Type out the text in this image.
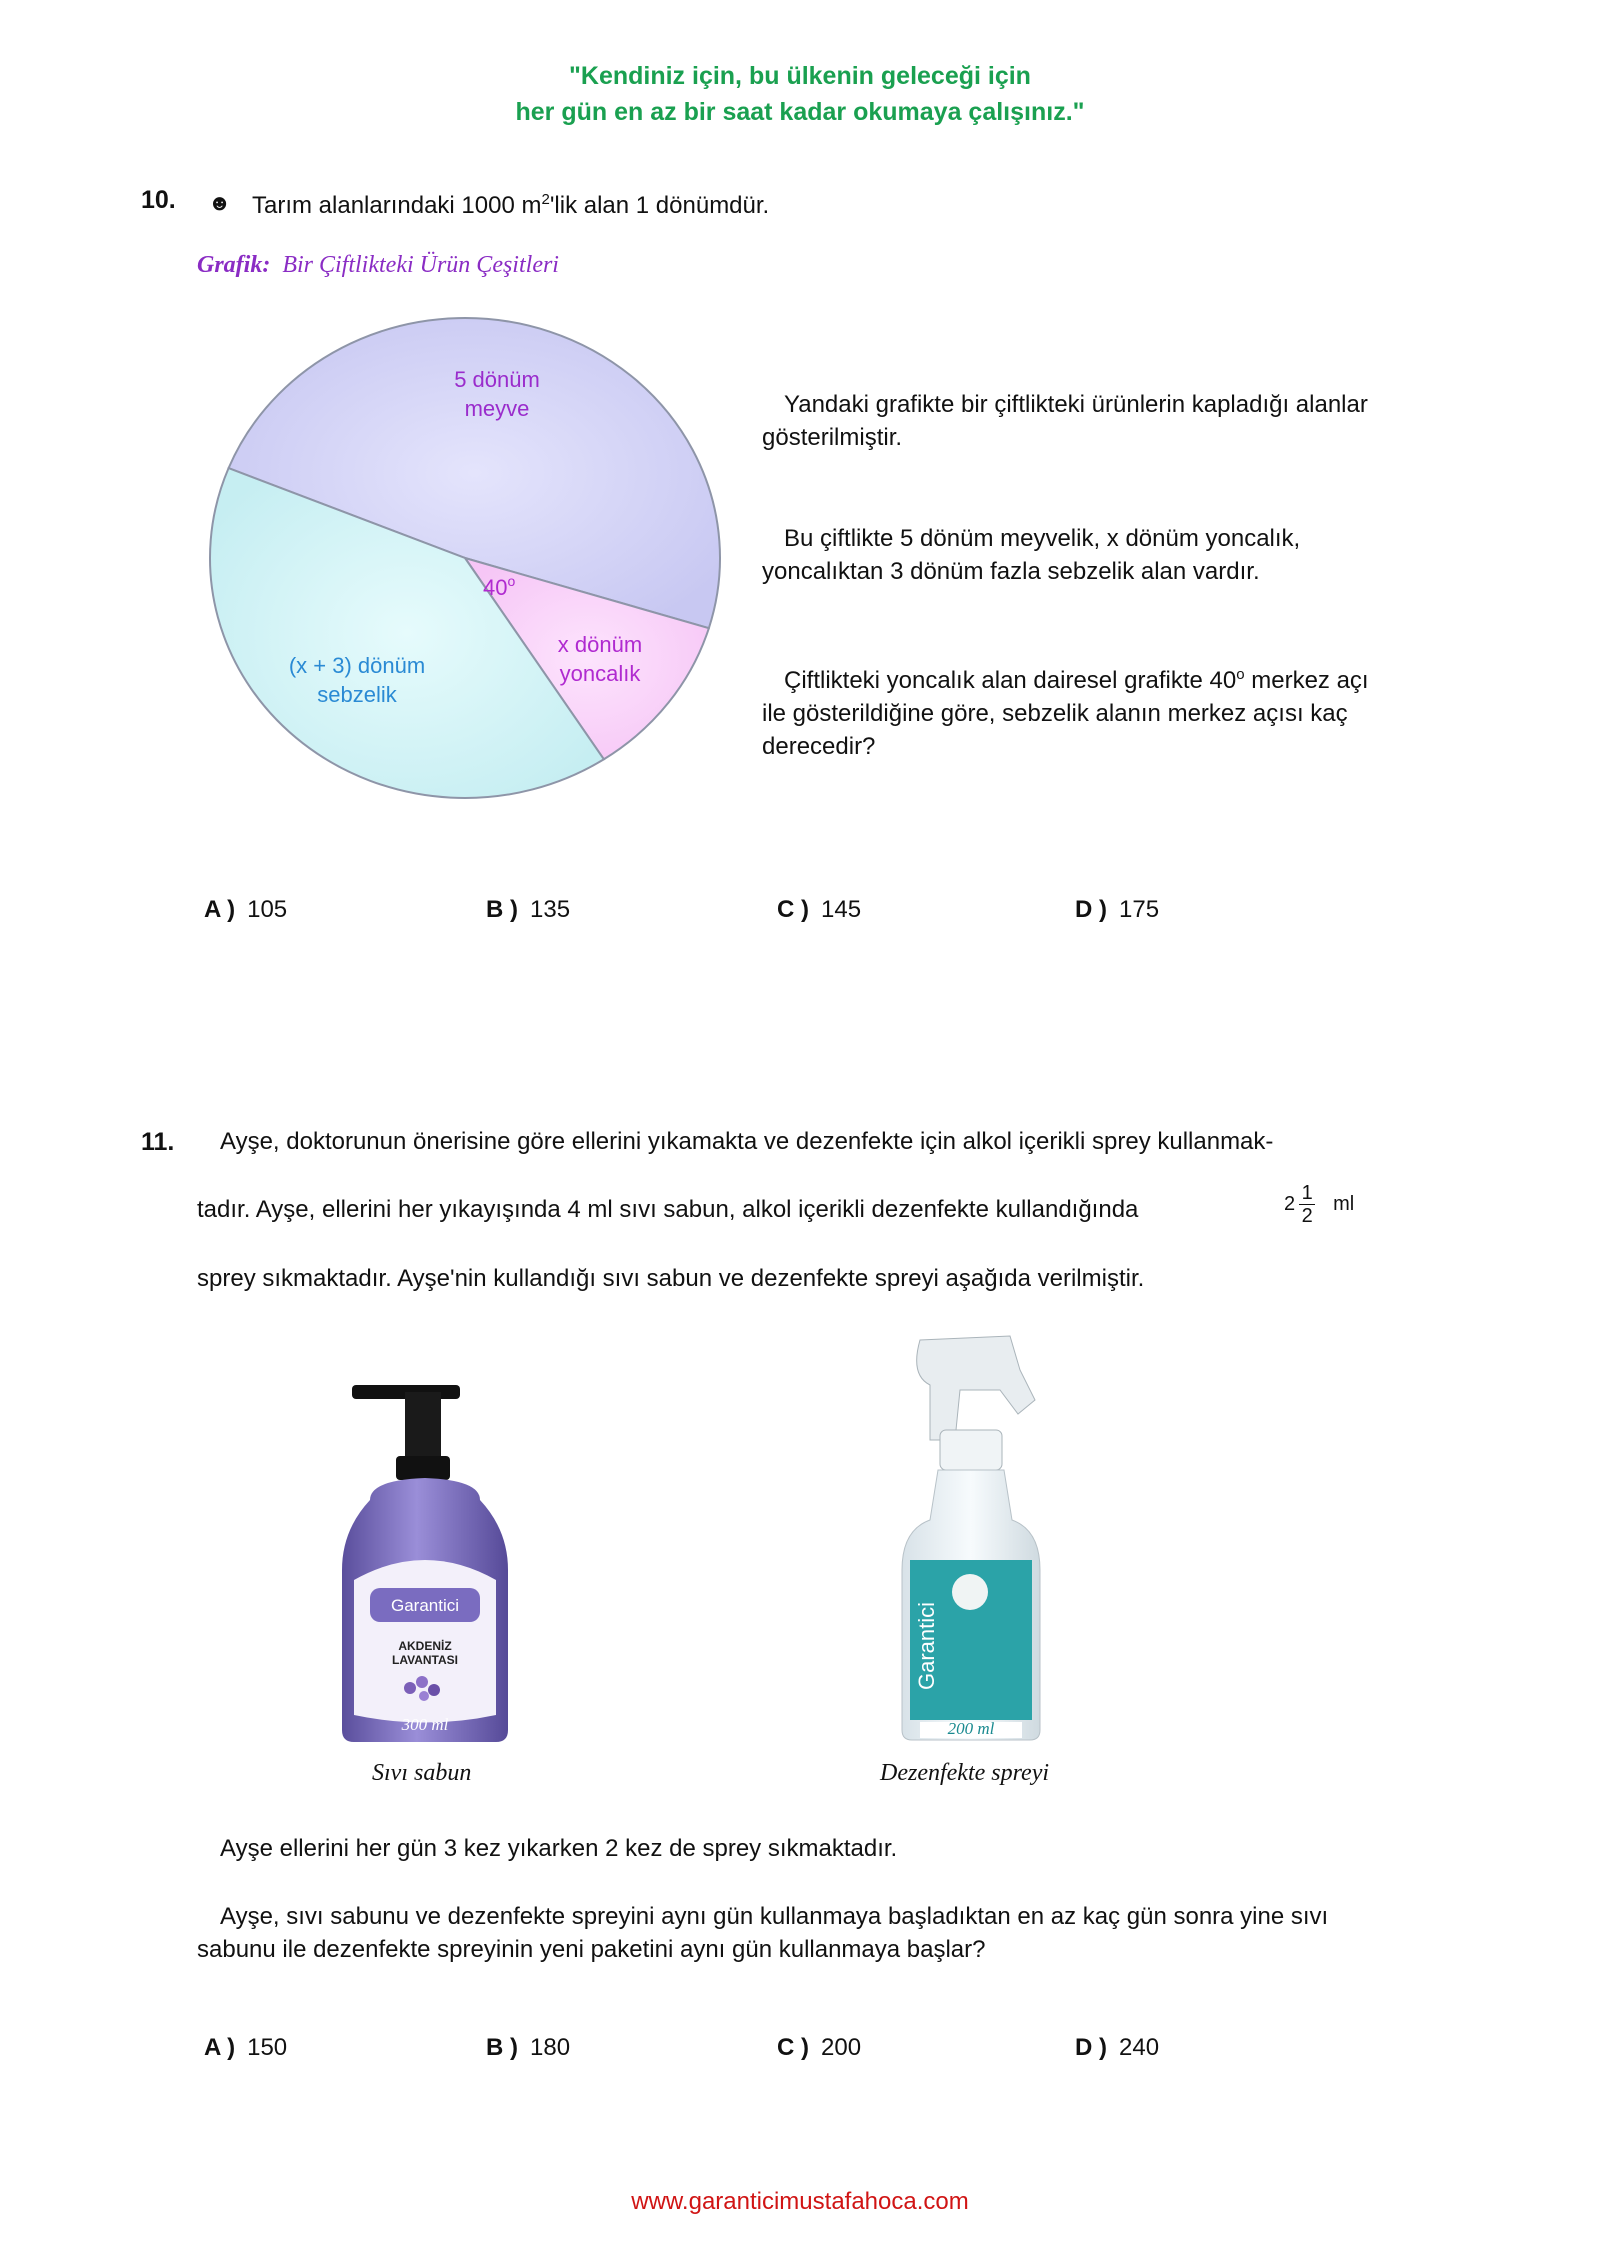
"Kendiniz için, bu ülkenin geleceği için
her gün en az bir saat kadar okumaya çalışınız."
10. ☻ Tarım alanlarındaki 1000 $m^2'lik$ alan 1 dönümdür.
Grafik: Bir Çiftlikteki Ürün Çeşitleri
5 dönüm
meyve
x dönüm
yoncalık
(x + 3) dönüm
sebzelik
40$^o$
Yandaki grafikte bir çiftlikteki ürünlerin kapladığı alanlar gösterilmiştir.
Bu çiftlikte 5 dönüm meyvelik, x dönüm yoncalık, yoncalıktan 3 dönüm fazla sebzelik alan vardır.
Çiftlikteki yoncalık alan dairesel grafikte 40$^o$ merkez açı ile gösterildiğine göre, sebzelik alanın merkez açısı kaç derecedir?
A ) 105	B ) 135	C ) 145	D ) 175
11. Ayşe, doktorunun önerisine göre ellerini yıkamakta ve dezenfekte için alkol içerikli sprey kullanmak-
tadır. Ayşe, ellerini her yıkayışında 4 ml sıvı sabun, alkol içerikli dezenfekte kullandığında	$2 \frac{1}{2}$ ml
sprey sıkmaktadır. Ayşe'nin kullandığı sıvı sabun ve dezenfekte spreyi aşağıda verilmiştir.
Garantici
AKDENİZ
LAVANTASI
300 ml
Sıvı sabun
Garantici
200 ml
Dezenfekte spreyi
Ayşe ellerini her gün 3 kez yıkarken 2 kez de sprey sıkmaktadır.
Ayşe, sıvı sabunu ve dezenfekte spreyini aynı gün kullanmaya başladıktan en az kaç gün sonra yine sıvı sabunu ile dezenfekte spreyinin yeni paketini aynı gün kullanmaya başlar?
A ) 150	B ) 180	C ) 200	D ) 240
www.garanticimustafahoca.com
